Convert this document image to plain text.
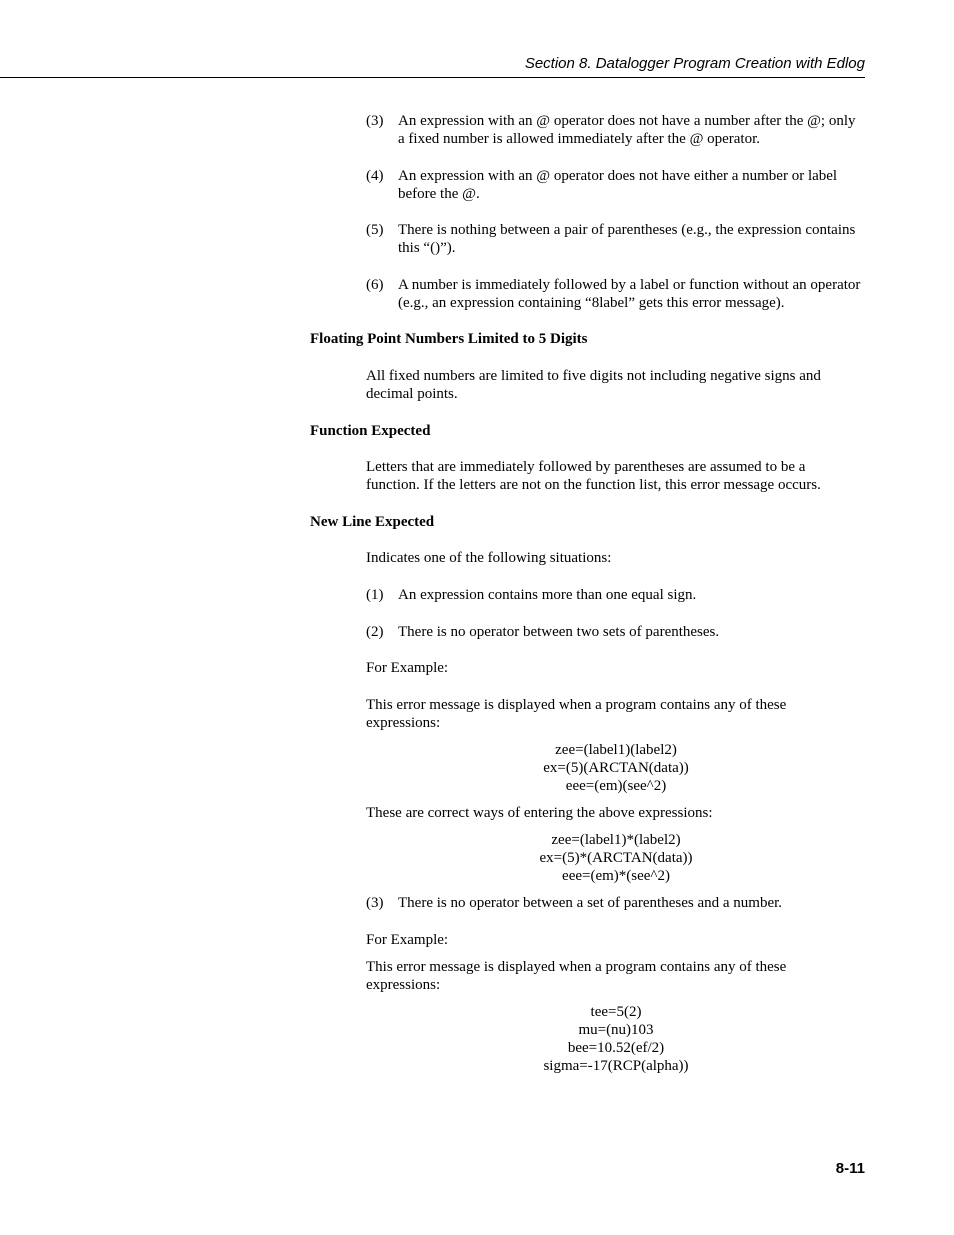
Section 8. Datalogger Program Creation with Edlog
(3) An expression with an @ operator does not have a number after the @; only a fixed number is allowed immediately after the @ operator.
(4) An expression with an @ operator does not have either a number or label before the @.
(5) There is nothing between a pair of parentheses (e.g., the expression contains this “()”).
(6) A number is immediately followed by a label or function without an operator (e.g., an expression containing “8label” gets this error message).
Floating Point Numbers Limited to 5 Digits
All fixed numbers are limited to five digits not including negative signs and decimal points.
Function Expected
Letters that are immediately followed by parentheses are assumed to be a function. If the letters are not on the function list, this error message occurs.
New Line Expected
Indicates one of the following situations:
(1) An expression contains more than one equal sign.
(2) There is no operator between two sets of parentheses.
For Example:
This error message is displayed when a program contains any of these expressions:
zee=(label1)(label2)
ex=(5)(ARCTAN(data))
eee=(em)(see^2)
These are correct ways of entering the above expressions:
zee=(label1)*(label2)
ex=(5)*(ARCTAN(data))
eee=(em)*(see^2)
(3) There is no operator between a set of parentheses and a number.
For Example:
This error message is displayed when a program contains any of these expressions:
tee=5(2)
mu=(nu)103
bee=10.52(ef/2)
sigma=-17(RCP(alpha))
8-11
